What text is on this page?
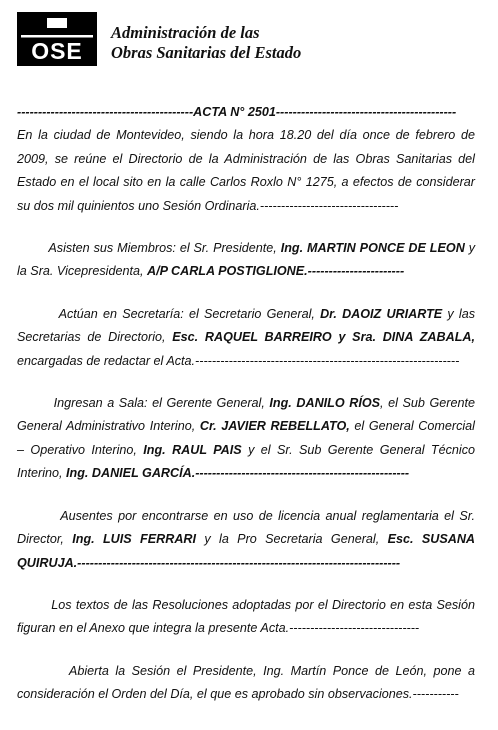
OSE
Administración de las
Obras Sanitarias del Estado

------------------------------------------ACTA N° 2501-------------------------------------------

En la ciudad de Montevideo, siendo la hora 18.20 del día once de febrero de 2009, se reúne el Directorio de la Administración de las Obras Sanitarias del Estado en el local sito en la calle Carlos Roxlo N° 1275, a efectos de considerar su dos mil quinientos uno Sesión Ordinaria.---------------------------------

Asisten sus Miembros: el Sr. Presidente, Ing. MARTIN PONCE DE LEON y la Sra. Vicepresidenta, A/P CARLA POSTIGLIONE.-----------------------

Actúan en Secretaría: el Secretario General, Dr. DAOIZ URIARTE y las Secretarias de Directorio, Esc. RAQUEL BARREIRO y Sra. DINA ZABALA, encargadas de redactar el Acta.---------------------------------------------------------------

Ingresan a Sala: el Gerente General, Ing. DANILO RÍOS, el Sub Gerente General Administrativo Interino, Cr. JAVIER REBELLATO, el General Comercial – Operativo Interino, Ing. RAUL PAIS y el Sr. Sub Gerente General Técnico Interino, Ing. DANIEL GARCÍA.---------------------------------------------------

Ausentes por encontrarse en uso de licencia anual reglamentaria el Sr. Director, Ing. LUIS FERRARI y la Pro Secretaria General, Esc. SUSANA QUIRUJA.-----------------------------------------------------------------------------

Los textos de las Resoluciones adoptadas por el Directorio en esta Sesión figuran en el Anexo que integra la presente Acta.-------------------------------

Abierta la Sesión el Presidente, Ing. Martín Ponce de León, pone a consideración el Orden del Día, el que es aprobado sin observaciones.-----------
